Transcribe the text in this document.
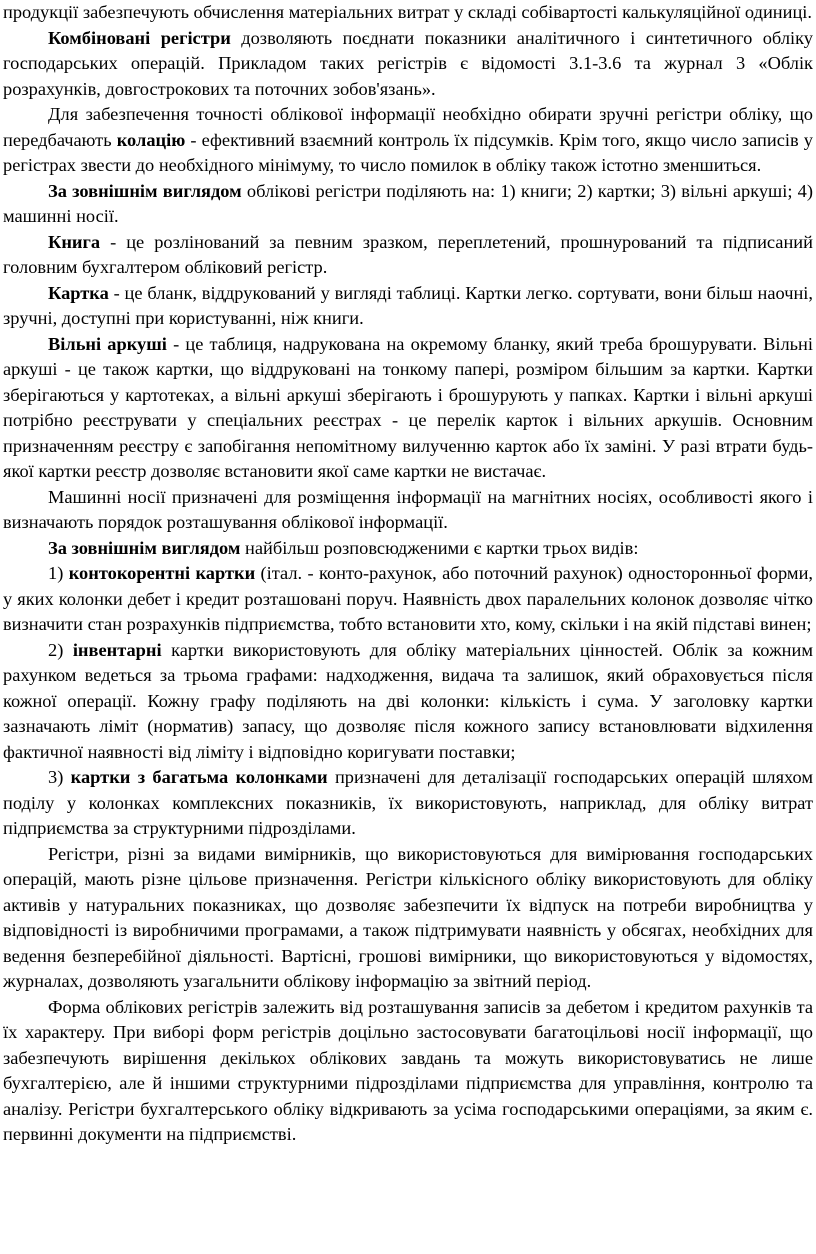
продукції забезпечують обчислення матеріальних витрат у складі собівартості калькуляційної одиниці.

Комбіновані регістри дозволяють поєднати показники аналітичного і синтетичного обліку господарських операцій. Прикладом таких регістрів є відомості 3.1-3.6 та журнал 3 «Облік розрахунків, довгострокових та поточних зобов'язань».

Для забезпечення точності облікової інформації необхідно обирати зручні регістри обліку, що передбачають колацію - ефективний взаємний контроль їх підсумків. Крім того, якщо число записів у регістрах звести до необхідного мінімуму, то число помилок в обліку також істотно зменшиться.

За зовнішнім виглядом облікові регістри поділяють на: 1) книги; 2) картки; 3) вільні аркуші; 4) машинні носії.

Книга - це розлінований за певним зразком, переплетений, прошнурований та підписаний головним бухгалтером обліковий регістр.

Картка - це бланк, віддрукований у вигляді таблиці. Картки легко. сортувати, вони більш наочні, зручні, доступні при користуванні, ніж книги.

Вільні аркуші - це таблиця, надрукована на окремому бланку, який треба брошурувати. Вільні аркуші - це також картки, що віддруковані на тонкому папері, розміром більшим за картки. Картки зберігаються у картотеках, а вільні аркуші зберігають і брошурують у папках. Картки і вільні аркуші потрібно реєструвати у спеціальних реєстрах - це перелік карток і вільних аркушів. Основним призначенням реєстру є запобігання непомітному вилученню карток або їх заміні. У разі втрати будь-якої картки реєстр дозволяє встановити якої саме картки не вистачає.

Машинні носії призначені для розміщення інформації на магнітних носіях, особливості якого і визначають порядок розташування облікової інформації.

За зовнішнім виглядом найбільш розповсюдженими є картки трьох видів:

1) контокорентні картки (італ. - конто-рахунок, або поточний рахунок) односторонньої форми, у яких колонки дебет і кредит розташовані поруч. Наявність двох паралельних колонок дозволяє чітко визначити стан розрахунків підприємства, тобто встановити хто, кому, скільки і на якій підставі винен;

2) інвентарні картки використовують для обліку матеріальних цінностей. Облік за кожним рахунком ведеться за трьома графами: надходження, видача та залишок, який обраховується після кожної операції. Кожну графу поділяють на дві колонки: кількість і сума. У заголовку картки зазначають ліміт (норматив) запасу, що дозволяє після кожного запису встановлювати відхилення фактичної наявності від ліміту і відповідно коригувати поставки;

3) картки з багатьма колонками призначені для деталізації господарських операцій шляхом поділу у колонках комплексних показників, їх використовують, наприклад, для обліку витрат підприємства за структурними підрозділами.

Регістри, різні за видами вимірників, що використовуються для вимірювання господарських операцій, мають різне цільове призначення. Регістри кількісного обліку використовують для обліку активів у натуральних показниках, що дозволяє забезпечити їх відпуск на потреби виробництва у відповідності із виробничими програмами, а також підтримувати наявність у обсягах, необхідних для ведення безперебійної діяльності. Вартісні, грошові вимірники, що використовуються у відомостях, журналах, дозволяють узагальнити облікову інформацію за звітний період.

Форма облікових регістрів залежить від розташування записів за дебетом і кредитом рахунків та їх характеру. При виборі форм регістрів доцільно застосовувати багатоцільові носії інформації, що забезпечують вирішення декількох облікових завдань та можуть використовуватись не лише бухгалтерією, але й іншими структурними підрозділами підприємства для управління, контролю та аналізу. Регістри бухгалтерського обліку відкривають за усіма господарськими операціями, за яким є. первинні документи на підприємстві.
